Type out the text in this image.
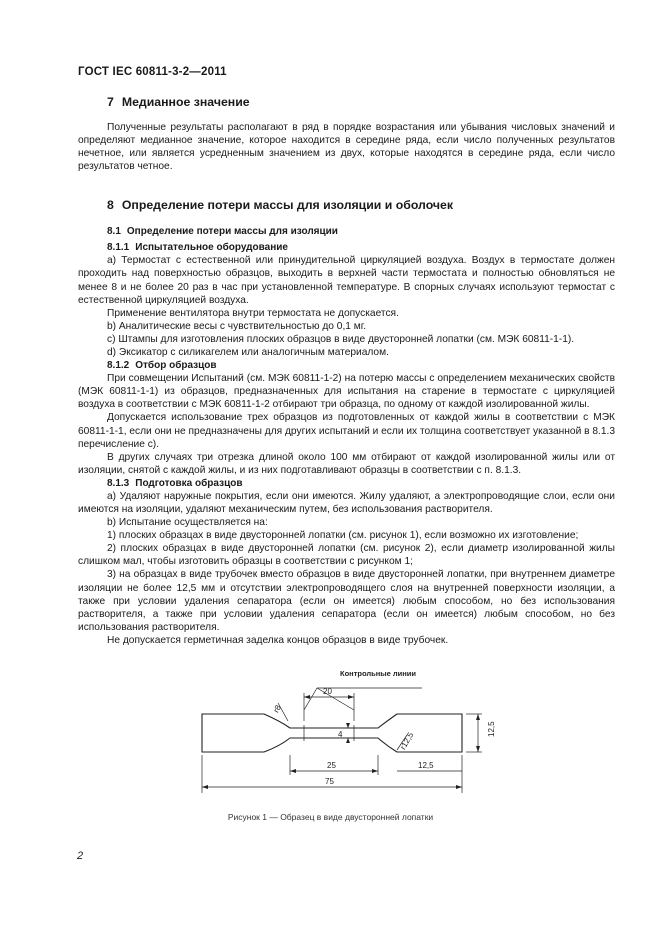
ГОСТ IEC 60811-3-2—2011
7 Медианное значение

Полученные результаты располагают в ряд в порядке возрастания или убывания числовых значений и определяют медианное значение, которое находится в середине ряда, если число полученных результатов нечетное, или является усредненным значением из двух, которые находятся в середине ряда, если число результатов четное.

8 Определение потери массы для изоляции и оболочек
8.1 Определение потери массы для изоляции
8.1.1 Испытательное оборудование

a) Термостат с естественной или принудительной циркуляцией воздуха. Воздух в термостате должен проходить над поверхностью образцов, выходить в верхней части термостата и полностью обновляться не менее 8 и не более 20 раз в час при установленной температуре. В спорных случаях используют термостат с естественной циркуляцией воздуха.

Применение вентилятора внутри термостата не допускается.

b) Аналитические весы с чувствительностью до 0,1 мг.

c) Штампы для изготовления плоских образцов в виде двусторонней лопатки (см. МЭК 60811-1-1).

d) Эксикатор с силикагелем или аналогичным материалом.

8.1.2 Отбор образцов

При совмещении Испытаний (см. МЭК 60811-1-2) на потерю массы с определением механических свойств (МЭК 60811-1-1) из образцов, предназначенных для испытания на старение в термостате с циркуляцией воздуха в соответствии с МЭК 60811-1-2 отбирают три образца, по одному от каждой изолированной жилы.

Допускается использование трех образцов из подготовленных от каждой жилы в соответствии с МЭК 60811-1-1, если они не предназначены для других испытаний и если их толщина соответствует указанной в 8.1.3 перечисление c).

В других случаях три отрезка длиной около 100 мм отбирают от каждой изолированной жилы или от изоляции, снятой с каждой жилы, и из них подготавливают образцы в соответствии с п. 8.1.3.

8.1.3 Подготовка образцов

a) Удаляют наружные покрытия, если они имеются. Жилу удаляют, а электропроводящие слои, если они имеются на изоляции, удаляют механическим путем, без использования растворителя.

b) Испытание осуществляется на:

1) плоских образцах в виде двусторонней лопатки (см. рисунок 1), если возможно их изготовление;

2) плоских образцах в виде двусторонней лопатки (см. рисунок 2), если диаметр изолированной жилы слишком мал, чтобы изготовить образцы в соответствии с рисунком 1;

3) на образцах в виде трубочек вместо образцов в виде двусторонней лопатки, при внутреннем диаметре изоляции не более 12,5 мм и отсутствии электропроводящего слоя на внутренней поверхности изоляции, а также при условии удаления сепаратора (если он имеется) любым способом, но без использования растворителя, а также при условии удаления сепаратора (если он имеется) любым способом, но без использования растворителя.

Не допускается герметичная заделка концов образцов в виде трубочек.

Контрольные линии
20
r8
r12,5
4	12,5
25	12,5
75
Рисунок 1 — Образец в виде двусторонней лопатки
2
